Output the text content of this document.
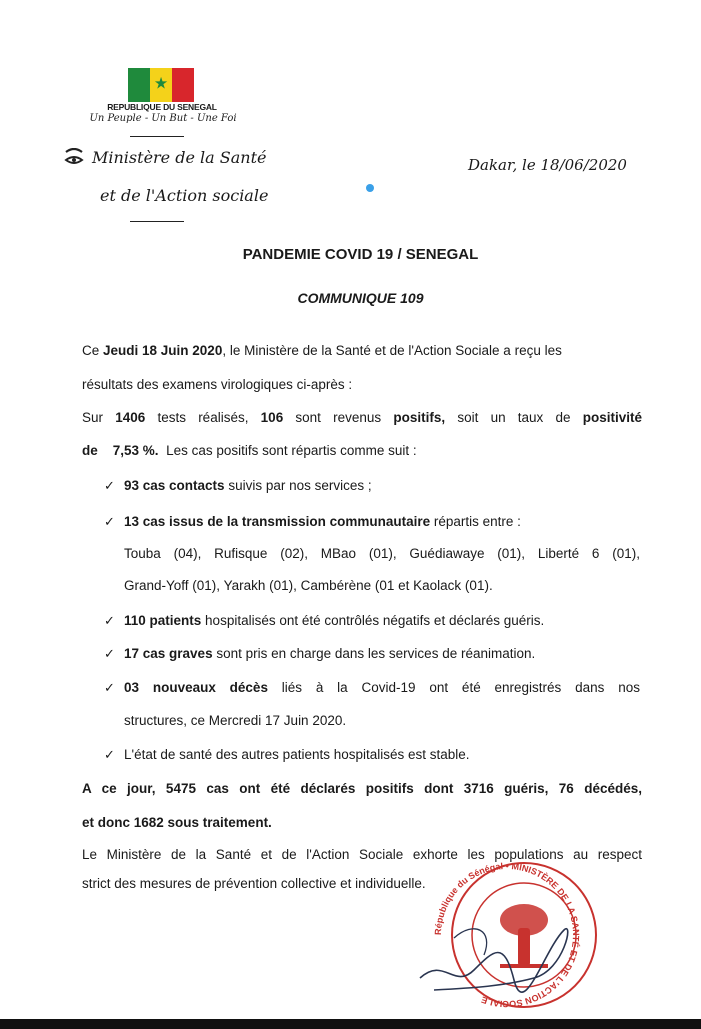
★
REPUBLIQUE DU SENEGAL
Un Peuple - Un But - Une Foi
Ministère de la Santé
et de l'Action sociale
Dakar, le 18/06/2020
PANDEMIE COVID 19 / SENEGAL
COMMUNIQUE 109
Ce Jeudi 18 Juin 2020, le Ministère de la Santé et de l'Action Sociale a reçu les
résultats des examens virologiques ci-après :
Sur 1406 tests réalisés, 106 sont revenus positifs, soit un taux de positivité
de 7,53 %. Les cas positifs sont répartis comme suit :
✓ 93 cas contacts suivis par nos services ;
✓ 13 cas issus de la transmission communautaire répartis entre :
Touba (04), Rufisque (02), MBao (01), Guédiawaye (01), Liberté 6 (01),
Grand-Yoff (01), Yarakh (01), Cambérène (01 et Kaolack (01).
✓ 110 patients hospitalisés ont été contrôlés négatifs et déclarés guéris.
✓ 17 cas graves sont pris en charge dans les services de réanimation.
✓ 03 nouveaux décès liés à la Covid-19 ont été enregistrés dans nos
structures, ce Mercredi 17 Juin 2020.
✓ L'état de santé des autres patients hospitalisés est stable.
A ce jour, 5475 cas ont été déclarés positifs dont 3716 guéris, 76 décédés,
et donc 1682 sous traitement.
Le Ministère de la Santé et de l'Action Sociale exhorte les populations au respect
strict des mesures de prévention collective et individuelle.
République du Sénégal • MINISTÈRE DE LA SANTÉ ET DE L'ACTION SOCIALE
